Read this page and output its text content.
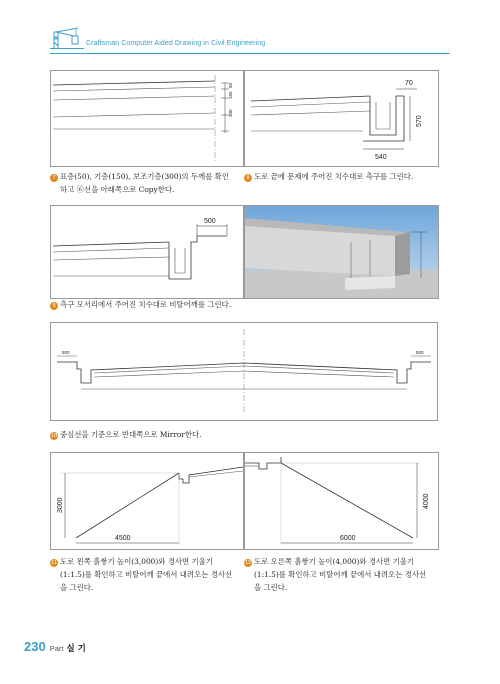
Craftsman Computer Aided Drawing in Civil Engineering
50
150
300
7 표층(50), 기층(150), 보조기층(300)의 두께를 확인
하고 ⑥선을 아래쪽으로 Copy한다.
70
570
540
8 도로 끝에 문제에 주어진 치수대로 측구를 그린다.
500
9 측구 모서리에서 주어진 치수대로 비탈어깨를 그린다.
500	500
10 중심선을 기준으로 반대쪽으로 Mirror한다.
3000
4500
11 도로 왼쪽 흙쌓기 높이(3,000)와 경사면 기울기
(1:1.5)를 확인하고 비탈어깨 끝에서 내려오는 경사선
을 그린다.
4000
6000
12 도로 오른쪽 흙쌓기 높이(4,000)와 경사면 기울기
(1:1.5)를 확인하고 비탈어깨 끝에서 내려오는 경사선
을 그린다.
230 Part 실 기
